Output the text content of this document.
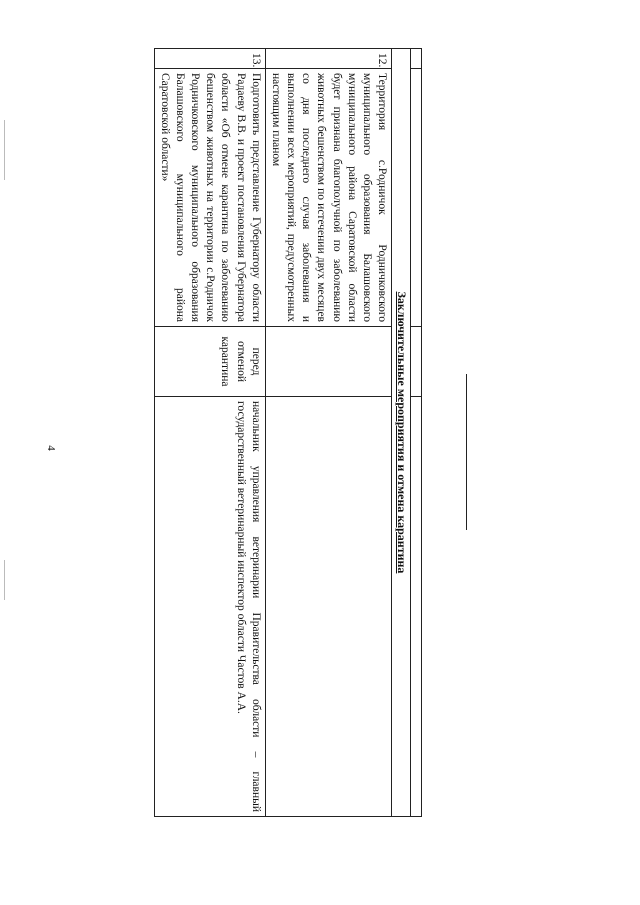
4
				Заключительные мероприятия и отмена карантина			
12.	Территория с.Родничок Родничковского муниципального образования Балашовского муниципального района Саратовской области будет признана благополучной по заболеванию животных бешенством по истечении двух месяцев со дня последнего случая заболевания и выполнении всех мероприятий, предусмотренных настоящим планом		
13.	Подготовить представление Губернатору области Радаеву В.В. и проект постановления Губернатора области «Об отмене карантина по заболеванию бешенством животных на территории с.Родничок Родничковского муниципального образования Балашовского муниципального района Саратовской области»	перед отменой карантина	начальник управления ветеринарии Правительства области – главный государственный ветеринарный инспектор области Частов А.А.
